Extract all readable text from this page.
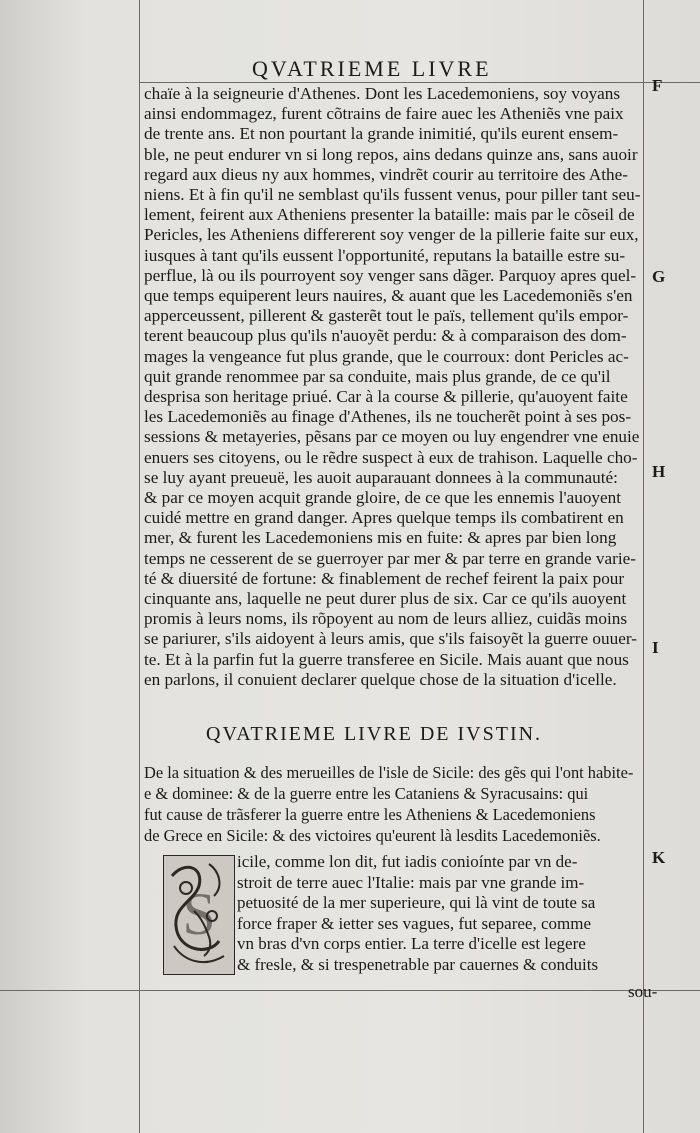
QVATRIEME LIVRE
chaïe à la seigneurie d'Athenes. Dont les Lacedemoniens, soy voyans
ainsi endommagez, furent cõtrains de faire auec les Atheniẽs vne paix
de trente ans. Et non pourtant la grande inimitié, qu'ils eurent ensem-
ble, ne peut endurer vn si long repos, ains dedans quinze ans, sans auoir
regard aux dieus ny aux hommes, vindrẽt courir au territoire des Athe-
niens. Et à fin qu'il ne semblast qu'ils fussent venus, pour piller tant seu-
lement, feirent aux Atheniens presenter la bataille: mais par le cõseil de
Pericles, les Atheniens differerent soy venger de la pillerie faite sur eux,
iusques à tant qu'ils eussent l'opportunité, reputans la bataille estre su-
perflue, là ou ils pourroyent soy venger sans dãger. Parquoy apres quel-
que temps equiperent leurs nauires, & auant que les Lacedemoniẽs s'en
apperceussent, pillerent & gasterẽt tout le païs, tellement qu'ils empor-
terent beaucoup plus qu'ils n'auoyẽt perdu: & à comparaison des dom-
mages la vengeance fut plus grande, que le courroux: dont Pericles ac-
quit grande renommee par sa conduite, mais plus grande, de ce qu'il
desprisa son heritage priué. Car à la course & pillerie, qu'auoyent faite
les Lacedemoniẽs au finage d'Athenes, ils ne toucherẽt point à ses pos-
sessions & metayeries, pẽsans par ce moyen ou luy engendrer vne enuie
enuers ses citoyens, ou le rẽdre suspect à eux de trahison. Laquelle cho-
se luy ayant preueuë, les auoit auparauant donnees à la communauté:
& par ce moyen acquit grande gloire, de ce que les ennemis l'auoyent
cuidé mettre en grand danger. Apres quelque temps ils combatirent en
mer, & furent les Lacedemoniens mis en fuite: & apres par bien long
temps ne cesserent de se guerroyer par mer & par terre en grande varie-
té & diuersité de fortune: & finablement de rechef feirent la paix pour
cinquante ans, laquelle ne peut durer plus de six. Car ce qu'ils auoyent
promis à leurs noms, ils rõpoyent au nom de leurs alliez, cuidãs moins
se pariurer, s'ils aidoyent à leurs amis, que s'ils faisoyẽt la guerre ouuer-
te. Et à la parfin fut la guerre transferee en Sicile. Mais auant que nous
en parlons, il conuient declarer quelque chose de la situation d'icelle.
F
G
H
I
K
QVATRIEME LIVRE DE IVSTIN.
De la situation & des merueilles de l'isle de Sicile: des gẽs qui l'ont habite-
e & dominee: & de la guerre entre les Cataniens & Syracusains: qui
fut cause de trãsferer la guerre entre les Atheniens & Lacedemoniens
de Grece en Sicile: & des victoires qu'eurent là lesdits Lacedemoniẽs.
S
icile, comme lon dit, fut iadis conioínte par vn de-
stroit de terre auec l'Italie: mais par vne grande im-
petuosité de la mer superieure, qui là vint de toute sa
force fraper & ietter ses vagues, fut separee, comme
vn bras d'vn corps entier. La terre d'icelle est legere
& fresle, & si trespenetrable par cauernes & conduits
sou-
